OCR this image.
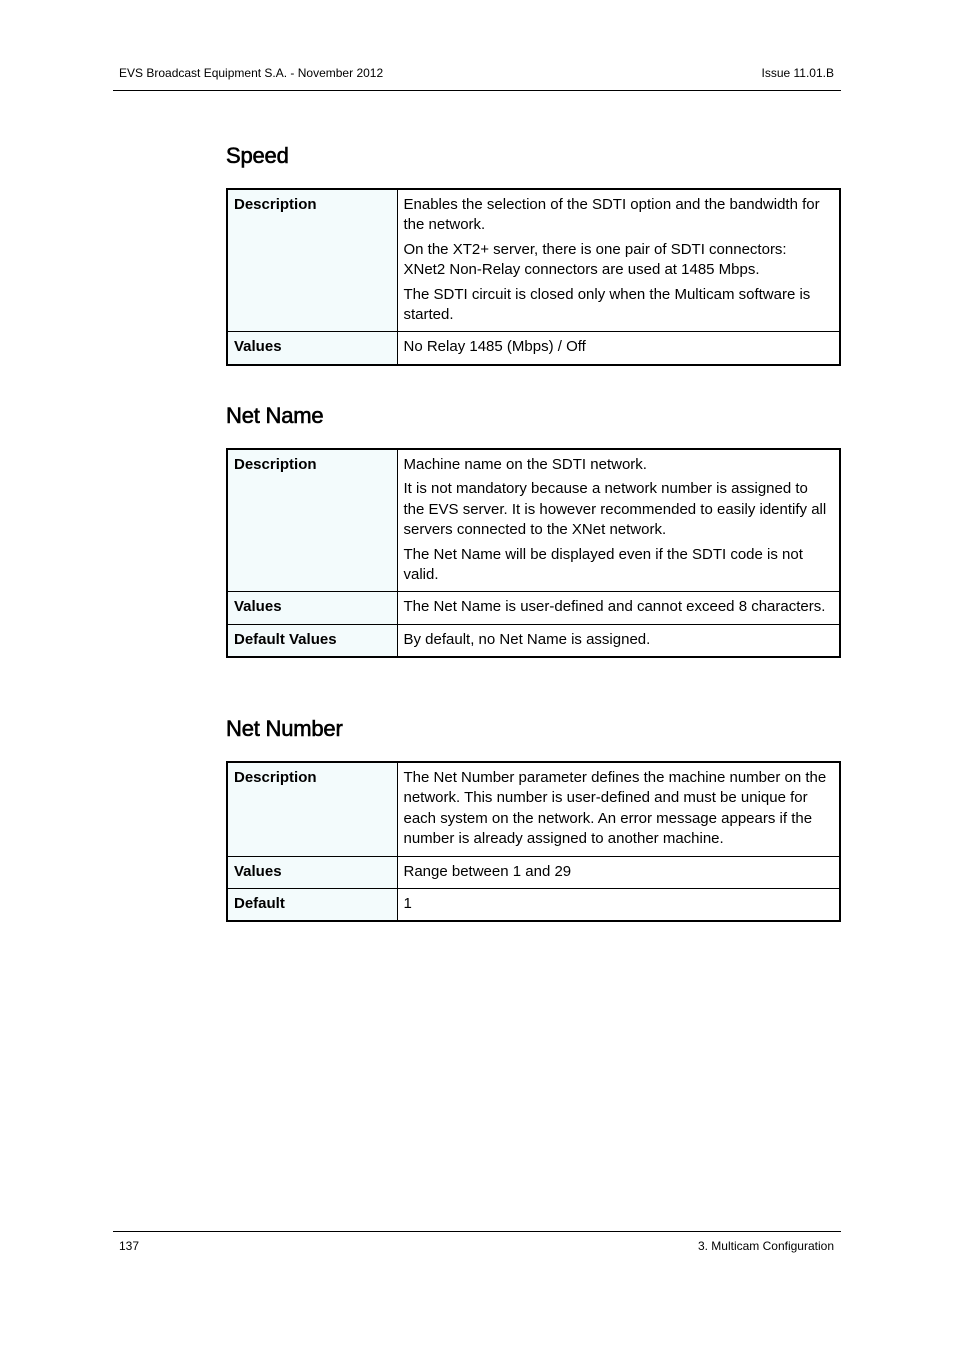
EVS Broadcast Equipment S.A. - November 2012	Issue 11.01.B
Speed
Description	Enables the selection of the SDTI option and the bandwidth for the network.

On the XT2+ server, there is one pair of SDTI connectors: XNet2 Non-Relay connectors are used at 1485 Mbps.

The SDTI circuit is closed only when the Multicam software is started.

Values	No Relay 1485 (Mbps) / Off

Net Name
Description	Machine name on the SDTI network.

It is not mandatory because a network number is assigned to the EVS server. It is however recommended to easily identify all servers connected to the XNet network.

The Net Name will be displayed even if the SDTI code is not valid.

Values	The Net Name is user-defined and cannot exceed 8 characters.

Default Values	By default, no Net Name is assigned.

Net Number
Description	The Net Number parameter defines the machine number on the network. This number is user-defined and must be unique for each system on the network. An error message appears if the number is already assigned to another machine.

Values	Range between 1 and 29

Default	1

137	3. Multicam Configuration
